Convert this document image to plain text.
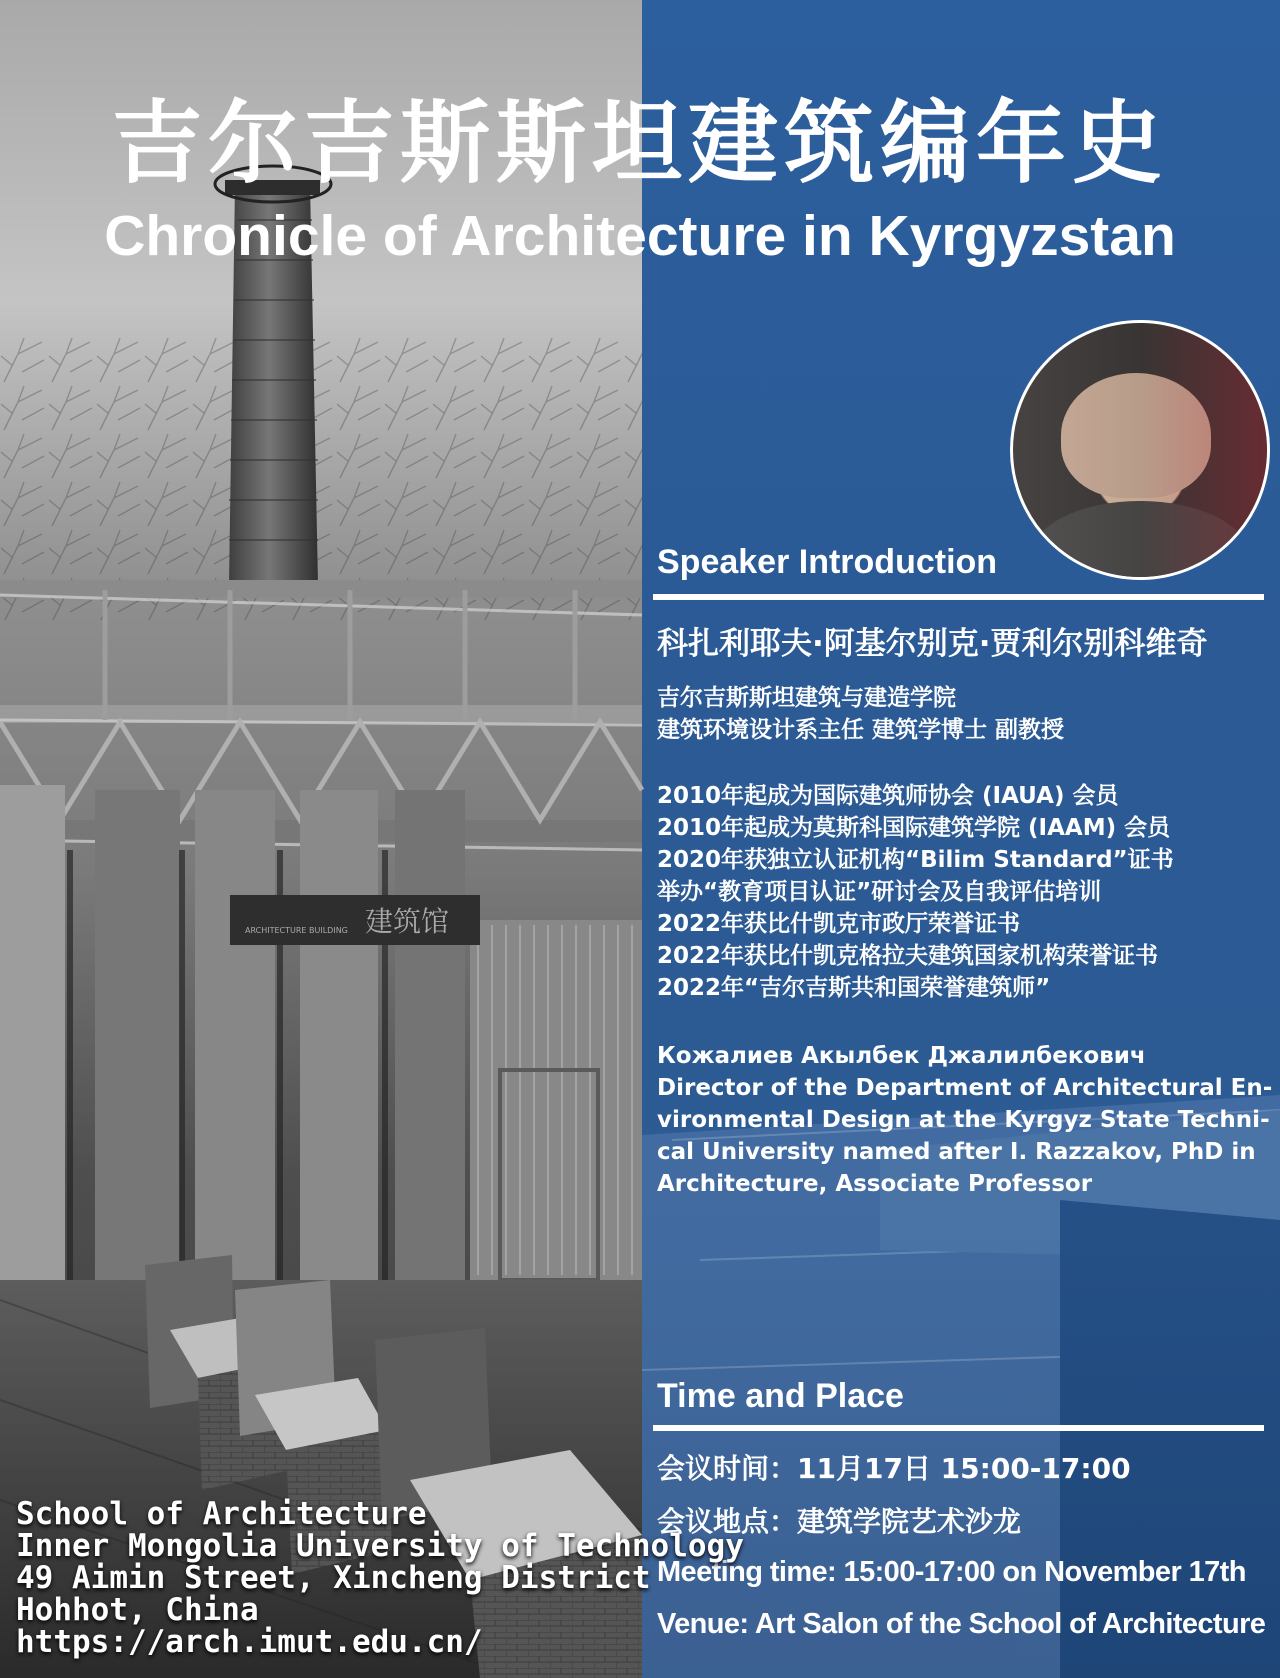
建筑馆
ARCHITECTURE BUILDING
吉尔吉斯斯坦建筑编年史
Chronicle of Architecture in Kyrgyzstan
Speaker Introduction
科扎利耶夫·阿基尔别克·贾利尔别科维奇
吉尔吉斯斯坦建筑与建造学院
建筑环境设计系主任 建筑学博士 副教授
2010年起成为国际建筑师协会 (IAUA) 会员
2010年起成为莫斯科国际建筑学院 (IAAM) 会员
2020年获独立认证机构“Bilim Standard”证书
举办“教育项目认证”研讨会及自我评估培训
2022年获比什凯克市政厅荣誉证书
2022年获比什凯克格拉夫建筑国家机构荣誉证书
2022年“吉尔吉斯共和国荣誉建筑师”
Кожалиев Акылбек Джалилбекович
Director of the Department of Architectural En-
vironmental Design at the Kyrgyz State Techni-
cal University named after I. Razzakov, PhD in
Architecture, Associate Professor
Time and Place
会议时间：11月17日 15:00-17:00
会议地点：建筑学院艺术沙龙
Meeting time: 15:00-17:00 on November 17th
Venue: Art Salon of the School of Architecture
School of Architecture
Inner Mongolia University of Technology
49 Aimin Street, Xincheng District
Hohhot, China
https://arch.imut.edu.cn/
